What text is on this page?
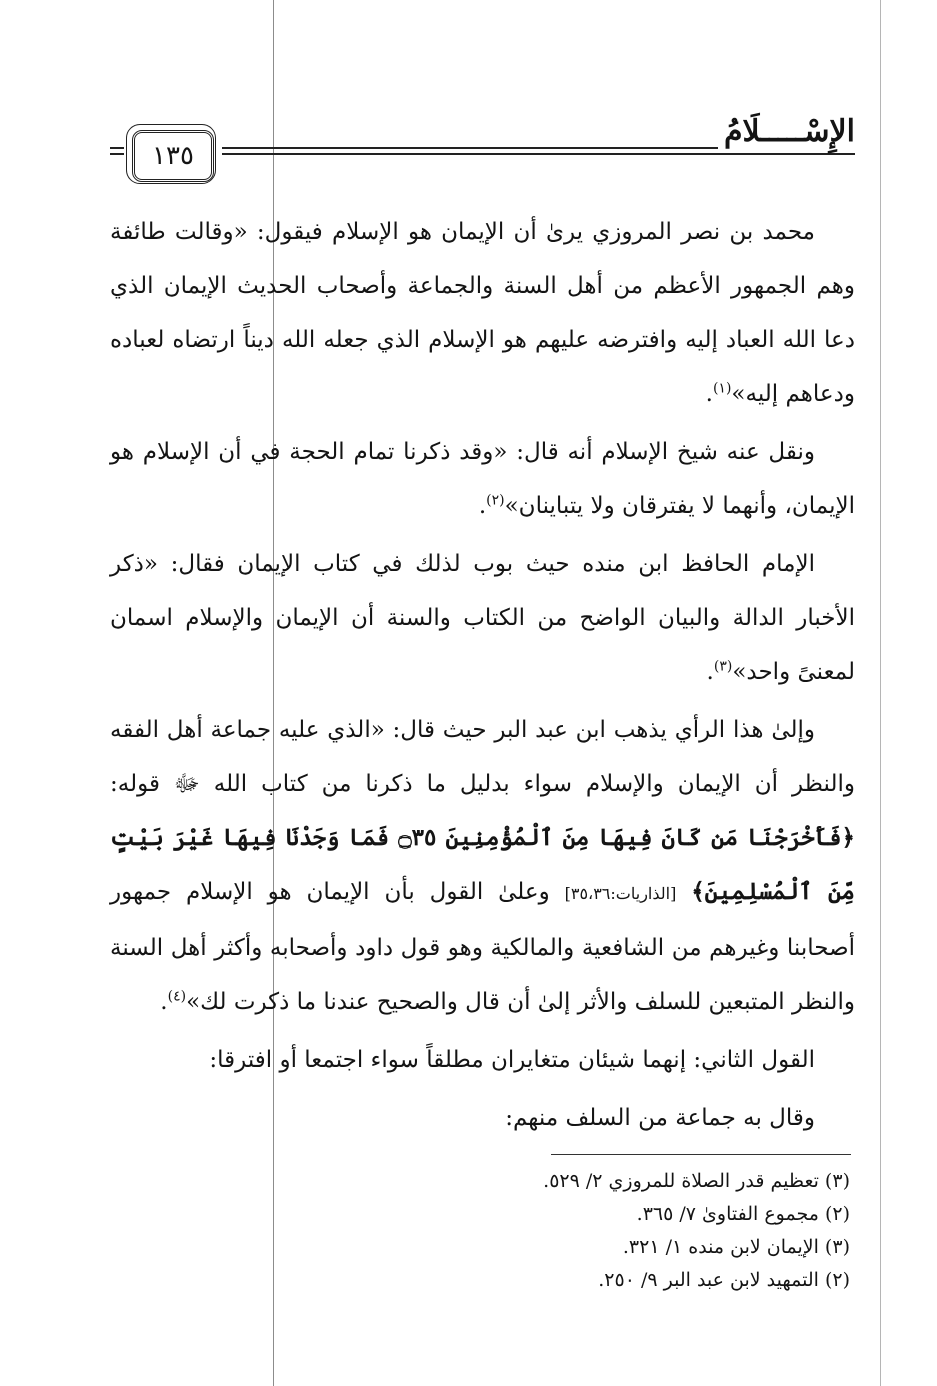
١٣٥
الإِسْـــــلَامُ

محمد بن نصر المروزي يرىٰ أن الإيمان هو الإسلام فيقول: «وقالت طائفة وهم الجمهور الأعظم من أهل السنة والجماعة وأصحاب الحديث الإيمان الذي دعا الله العباد إليه وافترضه عليهم هو الإسلام الذي جعله الله ديناً ارتضاه لعباده ودعاهم إليه»$^{(١)}$.

ونقل عنه شيخ الإسلام أنه قال: «وقد ذكرنا تمام الحجة في أن الإسلام هو الإيمان، وأنهما لا يفترقان ولا يتباينان»$^{(٢)}$.

الإمام الحافظ ابن منده حيث بوب لذلك في كتاب الإيمان فقال: «ذكر الأخبار الدالة والبيان الواضح من الكتاب والسنة أن الإيمان والإسلام اسمان لمعنىً واحد»$^{(٣)}$.

وإلىٰ هذا الرأي يذهب ابن عبد البر حيث قال: «الذي عليه جماعة أهل الفقه والنظر أن الإيمان والإسلام سواء بدليل ما ذكرنا من كتاب الله ﷻ قوله: ﴿فَأَخْرَجْنَا مَن كَانَ فِيهَا مِنَ ٱلْمُؤْمِنِينَ ۝٣٥ فَمَا وَجَدْنَا فِيهَا غَيْرَ بَيْتٍ مِّنَ ٱلْمُسْلِمِينَ﴾ [الذاريات:٣٥،٣٦] وعلىٰ القول بأن الإيمان هو الإسلام جمهور أصحابنا وغيرهم من الشافعية والمالكية وهو قول داود وأصحابه وأكثر أهل السنة والنظر المتبعين للسلف والأثر إلىٰ أن قال والصحيح عندنا ما ذكرت لك»$^{(٤)}$.

القول الثاني: إنهما شيئان متغايران مطلقاً سواء اجتمعا أو افترقا:

وقال به جماعة من السلف منهم:

(٣) تعظيم قدر الصلاة للمروزي ٢/ ٥٢٩.

(٢) مجموع الفتاوىٰ ٧/ ٣٦٥.

(٣) الإيمان لابن منده ١/ ٣٢١.

(٢) التمهيد لابن عبد البر ٩/ ٢٥٠.
